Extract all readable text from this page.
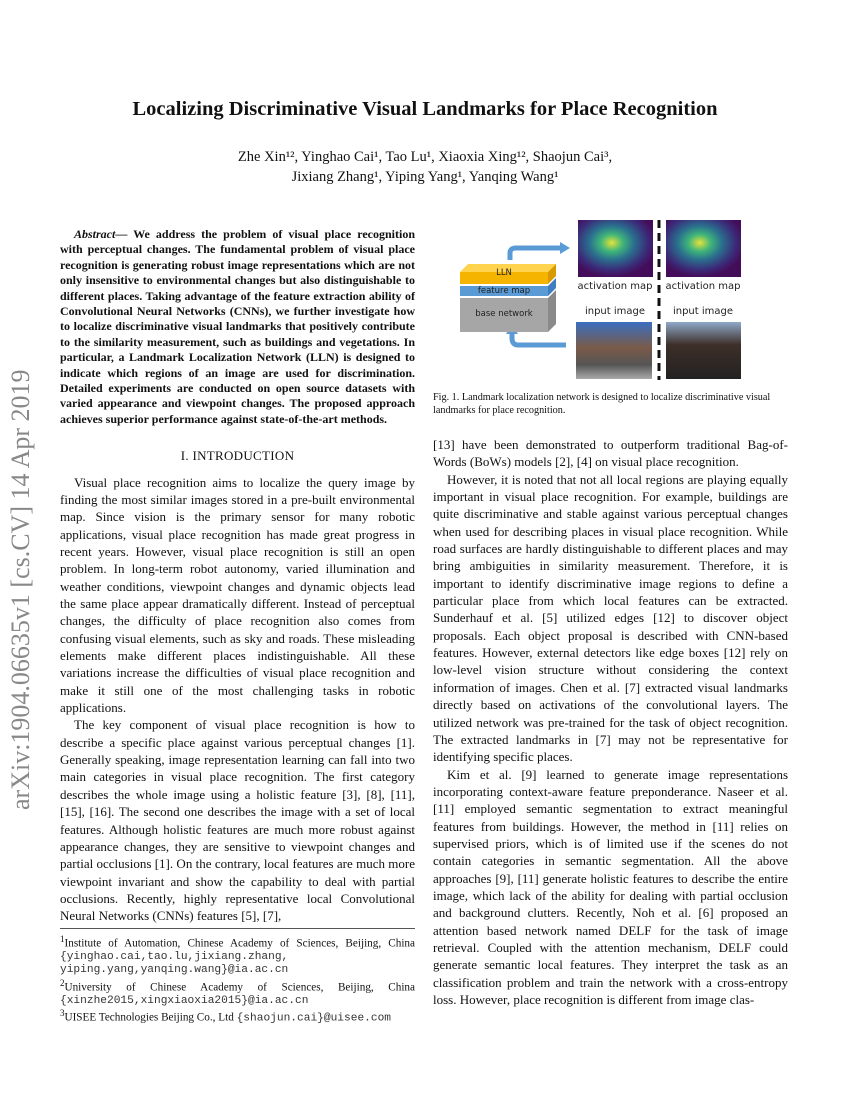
arXiv:1904.06635v1 [cs.CV] 14 Apr 2019
Localizing Discriminative Visual Landmarks for Place Recognition
Zhe Xin¹², Yinghao Cai¹, Tao Lu¹, Xiaoxia Xing¹², Shaojun Cai³,
Jixiang Zhang¹, Yiping Yang¹, Yanqing Wang¹

Abstract— We address the problem of visual place recognition with perceptual changes. The fundamental problem of visual place recognition is generating robust image representations which are not only insensitive to environmental changes but also distinguishable to different places. Taking advantage of the feature extraction ability of Convolutional Neural Networks (CNNs), we further investigate how to localize discriminative visual landmarks that positively contribute to the similarity measurement, such as buildings and vegetations. In particular, a Landmark Localization Network (LLN) is designed to indicate which regions of an image are used for discrimination. Detailed experiments are conducted on open source datasets with varied appearance and viewpoint changes. The proposed approach achieves superior performance against state-of-the-art methods.

I. INTRODUCTION

Visual place recognition aims to localize the query image by finding the most similar images stored in a pre-built environmental map. Since vision is the primary sensor for many robotic applications, visual place recognition has made great progress in recent years. However, visual place recognition is still an open problem. In long-term robot autonomy, varied illumination and weather conditions, viewpoint changes and dynamic objects lead the same place appear dramatically different. Instead of perceptual changes, the difficulty of place recognition also comes from confusing visual elements, such as sky and roads. These misleading elements make different places indistinguishable. All these variations increase the difficulties of visual place recognition and make it still one of the most challenging tasks in robotic applications.

The key component of visual place recognition is how to describe a specific place against various perceptual changes [1]. Generally speaking, image representation learning can fall into two main categories in visual place recognition. The first category describes the whole image using a holistic feature [3], [8], [11], [15], [16]. The second one describes the image with a set of local features. Although holistic features are much more robust against appearance changes, they are sensitive to viewpoint changes and partial occlusions [1]. On the contrary, local features are much more viewpoint invariant and show the capability to deal with partial occlusions. Recently, highly representative local Convolutional Neural Networks (CNNs) features [5], [7],

$^1$Institute of Automation, Chinese Academy of Sciences, Beijing, China {yinghao.cai,tao.lu,jixiang.zhang, yiping.yang,yanqing.wang}@ia.ac.cn

$^2$University of Chinese Academy of Sciences, Beijing, China {xinzhe2015,xingxiaoxia2015}@ia.ac.cn

$^3$UISEE Technologies Beijing Co., Ltd {shaojun.cai}@uisee.com

LLN
feature map
base network
activation map	activation map
input image	input image
Fig. 1. Landmark localization network is designed to localize discriminative visual landmarks for place recognition.

[13] have been demonstrated to outperform traditional Bag-of-Words (BoWs) models [2], [4] on visual place recognition.

However, it is noted that not all local regions are playing equally important in visual place recognition. For example, buildings are quite discriminative and stable against various perceptual changes when used for describing places in visual place recognition. While road surfaces are hardly distinguishable to different places and may bring ambiguities in similarity measurement. Therefore, it is important to identify discriminative image regions to define a particular place from which local features can be extracted. Sunderhauf et al. [5] utilized edges [12] to discover object proposals. Each object proposal is described with CNN-based features. However, external detectors like edge boxes [12] rely on low-level vision structure without considering the context information of images. Chen et al. [7] extracted visual landmarks directly based on activations of the convolutional layers. The utilized network was pre-trained for the task of object recognition. The extracted landmarks in [7] may not be representative for identifying specific places.

Kim et al. [9] learned to generate image representations incorporating context-aware feature preponderance. Naseer et al. [11] employed semantic segmentation to extract meaningful features from buildings. However, the method in [11] relies on supervised priors, which is of limited use if the scenes do not contain categories in semantic segmentation. All the above approaches [9], [11] generate holistic features to describe the entire image, which lack of the ability for dealing with partial occlusion and background clutters. Recently, Noh et al. [6] proposed an attention based network named DELF for the task of image retrieval. Coupled with the attention mechanism, DELF could generate semantic local features. They interpret the task as an classification problem and train the network with a cross-entropy loss. However, place recognition is different from image clas-
